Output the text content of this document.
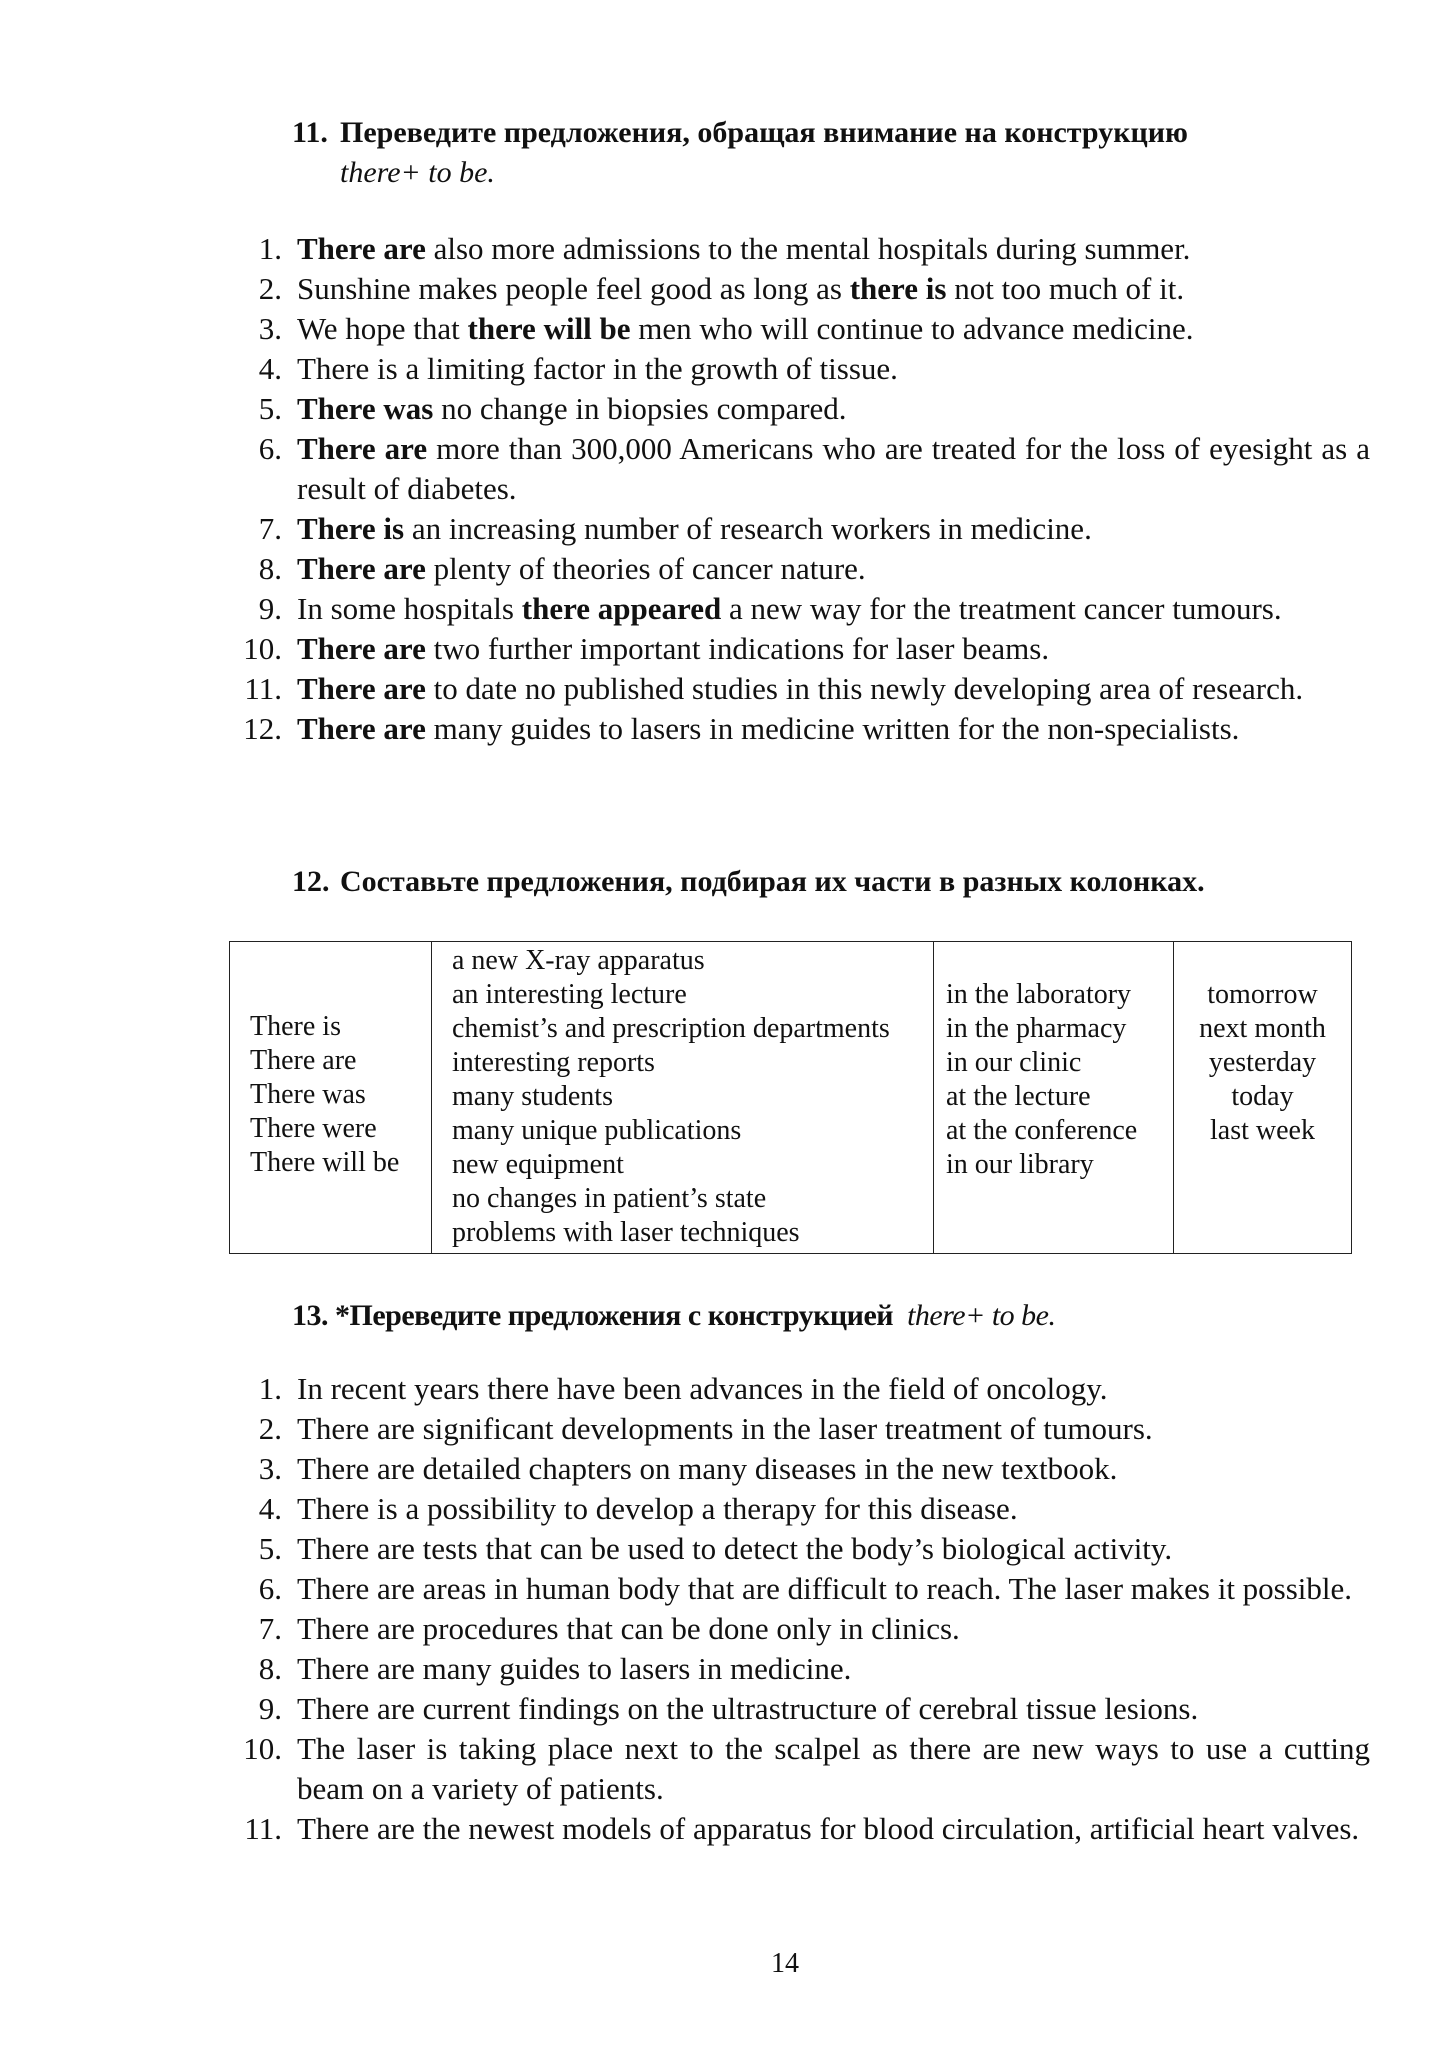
11. Переведите предложения, обращая внимание на конструкцию
there+ to be.
1. There are also more admissions to the mental hospitals during summer.
2. Sunshine makes people feel good as long as there is not too much of it.
3. We hope that there will be men who will continue to advance medicine.
4. There is a limiting factor in the growth of tissue.
5. There was no change in biopsies compared.
6. There are more than 300,000 Americans who are treated for the loss of eyesight as a result of diabetes.
7. There is an increasing number of research workers in medicine.
8. There are plenty of theories of cancer nature.
9. In some hospitals there appeared a new way for the treatment cancer tumours.
10. There are two further important indications for laser beams.
11. There are to date no published studies in this newly developing area of research.
12. There are many guides to lasers in medicine written for the non-specialists.
12. Составьте предложения, подбирая их части в разных колонках.
There is
There are
There was
There were
There will be
a new X-ray apparatus
an interesting lecture
chemist’s and prescription departments
interesting reports
many students
many unique publications
new equipment
no changes in patient’s state
problems with laser techniques
in the laboratory
in the pharmacy
in our clinic
at the lecture
at the conference
in our library
tomorrow
next month
yesterday
today
last week
13. *Переведите предложения с конструкцией there+ to be.
1. In recent years there have been advances in the field of oncology.
2. There are significant developments in the laser treatment of tumours.
3. There are detailed chapters on many diseases in the new textbook.
4. There is a possibility to develop a therapy for this disease.
5. There are tests that can be used to detect the body’s biological activity.
6. There are areas in human body that are difficult to reach. The laser makes it possible.
7. There are procedures that can be done only in clinics.
8. There are many guides to lasers in medicine.
9. There are current findings on the ultrastructure of cerebral tissue lesions.
10. The laser is taking place next to the scalpel as there are new ways to use a cutting beam on a variety of patients.
11. There are the newest models of apparatus for blood circulation, artificial heart valves.
14
